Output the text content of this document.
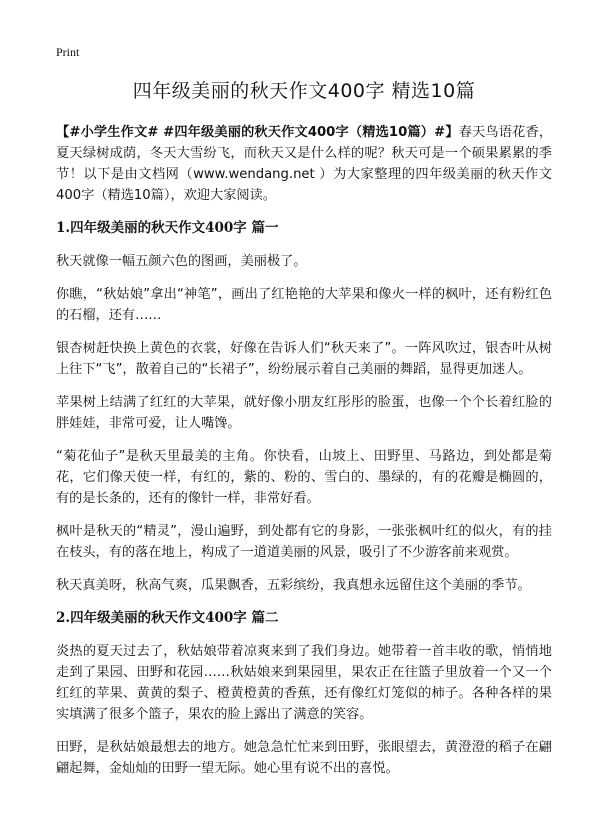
Print
四年级美丽的秋天作文400字 精选10篇

【#小学生作文# #四年级美丽的秋天作文400字（精选10篇）#】春天鸟语花香，夏天绿树成荫，冬天大雪纷飞，而秋天又是什么样的呢？秋天可是一个硕果累累的季节！以下是由文档网（www.wendang.net ）为大家整理的四年级美丽的秋天作文400字（精选10篇），欢迎大家阅读。

1.四年级美丽的秋天作文400字 篇一

秋天就像一幅五颜六色的图画，美丽极了。

你瞧，“秋姑娘”拿出“神笔”，画出了红艳艳的大苹果和像火一样的枫叶，还有粉红色的石榴，还有……

银杏树赶快换上黄色的衣裳，好像在告诉人们“秋天来了”。一阵风吹过，银杏叶从树上往下“飞”，散着自己的“长裙子”，纷纷展示着自己美丽的舞蹈，显得更加迷人。

苹果树上结满了红红的大苹果，就好像小朋友红彤彤的脸蛋，也像一个个长着红脸的胖娃娃，非常可爱，让人嘴馋。

“菊花仙子”是秋天里最美的主角。你快看，山坡上、田野里、马路边，到处都是菊花，它们像天使一样，有红的，紫的、粉的、雪白的、墨绿的，有的花瓣是椭圆的，有的是长条的，还有的像针一样，非常好看。

枫叶是秋天的“精灵”，漫山遍野，到处都有它的身影，一张张枫叶红的似火，有的挂在枝头，有的落在地上，构成了一道道美丽的风景，吸引了不少游客前来观赏。

秋天真美呀，秋高气爽，瓜果飘香，五彩缤纷，我真想永远留住这个美丽的季节。

2.四年级美丽的秋天作文400字 篇二

炎热的夏天过去了，秋姑娘带着凉爽来到了我们身边。她带着一首丰收的歌，悄悄地走到了果园、田野和花园……秋姑娘来到果园里，果农正在往篮子里放着一个又一个红红的苹果、黄黄的梨子、橙黄橙黄的香蕉，还有像红灯笼似的柿子。各种各样的果实填满了很多个篮子，果农的脸上露出了满意的笑容。

田野，是秋姑娘最想去的地方。她急急忙忙来到田野，张眼望去，黄澄澄的稻子在翩翩起舞，金灿灿的田野一望无际。她心里有说不出的喜悦。
